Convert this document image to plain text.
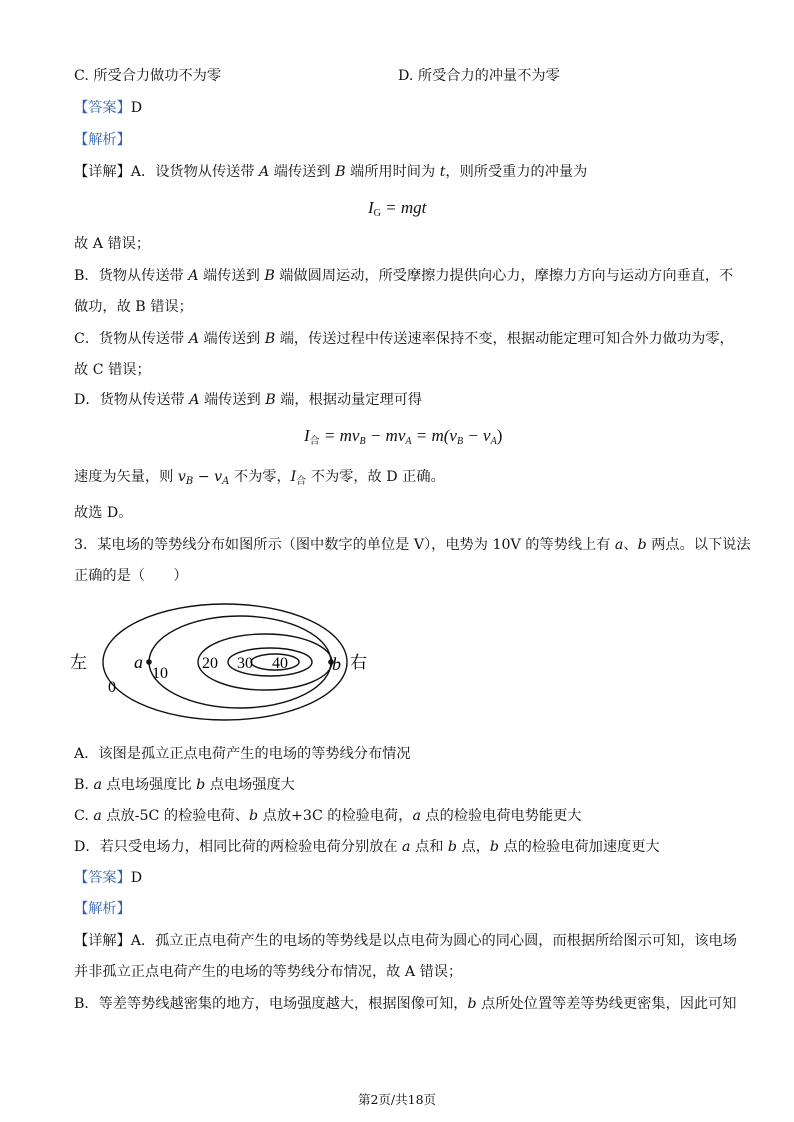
C. 所受合力做功不为零	D. 所受合力的冲量不为零
【答案】D
【解析】
【详解】A．设货物从传送带 A 端传送到 B 端所用时间为 t，则所受重力的冲量为
$I_G$ = mgt
故 A 错误；
B．货物从传送带 A 端传送到 B 端做圆周运动，所受摩擦力提供向心力，摩擦力方向与运动方向垂直，不
做功，故 B 错误；
C．货物从传送带 A 端传送到 B 端，传送过程中传送速率保持不变，根据动能定理可知合外力做功为零，
故 C 错误；
D．货物从传送带 A 端传送到 B 端，根据动量定理可得
$I_合 = mv_B - mv_A = m(v_B - v_A)$
速度为矢量，则 $v_B - v_A$ 不为零，$I_合$ 不为零，故 D 正确。
故选 D。
3．某电场的等势线分布如图所示（图中数字的单位是 V），电势为 10V 的等势线上有 a、b 两点。以下说法
正确的是（　　）
左	右
a	b
0
10
20 30 40
A．该图是孤立正点电荷产生的电场的等势线分布情况
B. a 点电场强度比 b 点电场强度大
C. a 点放-5C 的检验电荷、b 点放+3C 的检验电荷，a 点的检验电荷电势能更大
D．若只受电场力，相同比荷的两检验电荷分别放在 a 点和 b 点，b 点的检验电荷加速度更大
【答案】D
【解析】
【详解】A．孤立正点电荷产生的电场的等势线是以点电荷为圆心的同心圆，而根据所给图示可知，该电场
并非孤立正点电荷产生的电场的等势线分布情况，故 A 错误；
B．等差等势线越密集的地方，电场强度越大，根据图像可知，b 点所处位置等差等势线更密集，因此可知
第2页/共18页
